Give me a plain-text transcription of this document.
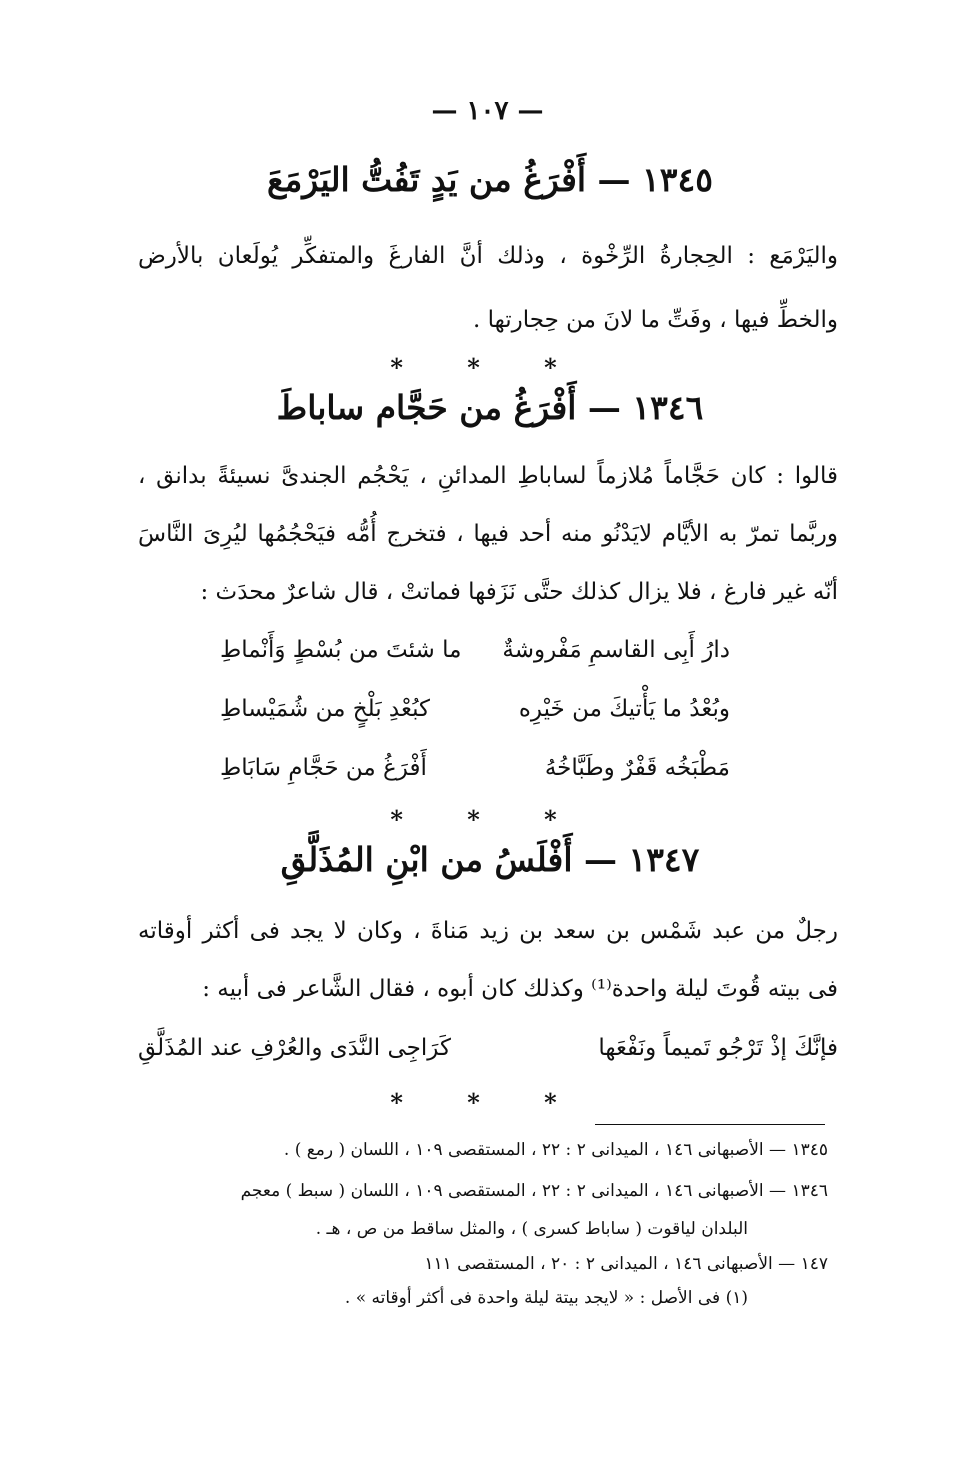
— ١٠٧ —
١٣٤٥ — أَفْرَغُ من يَدٍ تَفُتُّ اليَرْمَعَ
واليَرْمَع : الحِجارةُ الرِّخْوة ، وذلك أنَّ الفارغَ والمتفكِّر يُولَعان بالأرض
والخطِّ فيها ، وفَتِّ ما لانَ من حِجارتها .
* * *
١٣٤٦ — أَفْرَغُ من حَجَّام ساباطَ
قالوا : كان حَجَّاماً مُلازماً لساباطِ المدائنِ ، يَحْجُم الجندىَّ نسيئةً بدانق ،
وربَّما تمرّ به الأيَّام لايَدْنُو منه أحد فيها ، فتخرج أُمُّه فيَحْجُمُها ليُرِىَ النَّاسَ
أنّه غير فارغ ، فلا يزال كذلك حتَّى نَزَفها فماتتْ ، قال شاعرٌ محدَث :
دارُ أَبِى القاسمِ مَفْروشةٌ
ما شئتَ من بُسْطٍ وَأَنْماطِ
وبُعْدُ ما يَأْتيكَ من خَيْرِه
كبُعْدِ بَلْخٍ من شُمَيْساطِ
مَطْبَخُه قَفْرٌ وطَبَّاخُهُ
أَفْرَغُ من حَجَّامِ سَابَاطِ
* * *
١٣٤٧ — أَفْلَسُ من ابْنِ المُذَلَّقِ
رجلٌ من عبد شَمْس بن سعد بن زيد مَناةَ ، وكان لا يجد فى أكثر أوقاته
فى بيته قُوتَ ليلة واحدة⁽¹⁾ وكذلك كان أبوه ، فقال الشَّاعر فى أبيه :
فإنَّكَ إذْ تَرْجُو تَميماً ونَفْعَها
كَرَاجِى النَّدَى والعُرْفِ عند المُذَلَّقِ
* * *
١٣٤٥ — الأصبهانى ١٤٦ ، الميدانى ٢ : ٢٢ ، المستقصى ١٠٩ ، اللسان ( رمع ) .
١٣٤٦ — الأصبهانى ١٤٦ ، الميدانى ٢ : ٢٢ ، المستقصى ١٠٩ ، اللسان ( سبط ) معجم
البلدان لياقوت ( ساباط كسرى ) ، والمثل ساقط من ص ، هـ .
١٤٧ — الأصبهانى ١٤٦ ، الميدانى ٢ : ٢٠ ، المستقصى ١١١
(١) فى الأصل : « لايجد بيتة ليلة واحدة فى أكثر أوقاته » .
